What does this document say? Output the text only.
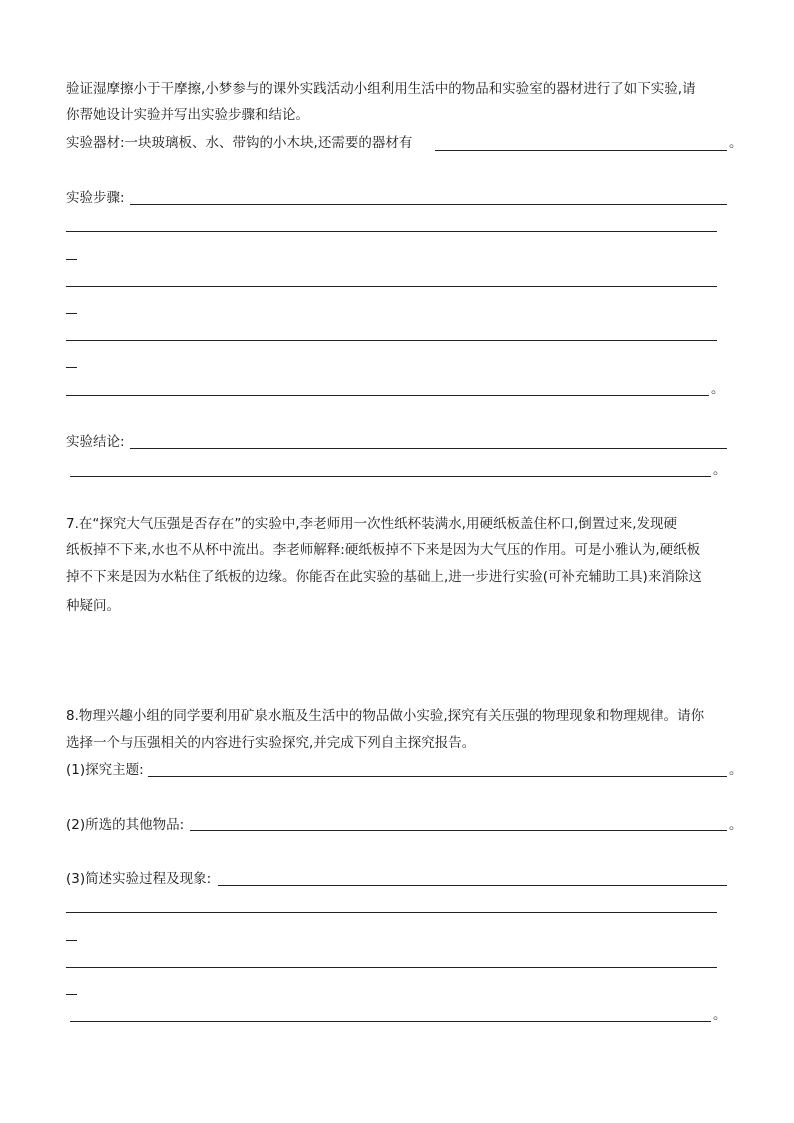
验证湿摩擦小于干摩擦,小梦参与的课外实践活动小组利用生活中的物品和实验室的器材进行了如下实验,请
你帮她设计实验并写出实验步骤和结论。
实验器材:一块玻璃板、水、带钩的小木块,还需要的器材有	。
实验步骤:
。
实验结论:
。
7.在“探究大气压强是否存在”的实验中,李老师用一次性纸杯装满水,用硬纸板盖住杯口,倒置过来,发现硬
纸板掉不下来,水也不从杯中流出。李老师解释:硬纸板掉不下来是因为大气压的作用。可是小雅认为,硬纸板
掉不下来是因为水粘住了纸板的边缘。你能否在此实验的基础上,进一步进行实验(可补充辅助工具)来消除这
种疑问。
8.物理兴趣小组的同学要利用矿泉水瓶及生活中的物品做小实验,探究有关压强的物理现象和物理规律。请你
选择一个与压强相关的内容进行实验探究,并完成下列自主探究报告。
(1)探究主题:	。
(2)所选的其他物品:	。
(3)简述实验过程及现象:
。
